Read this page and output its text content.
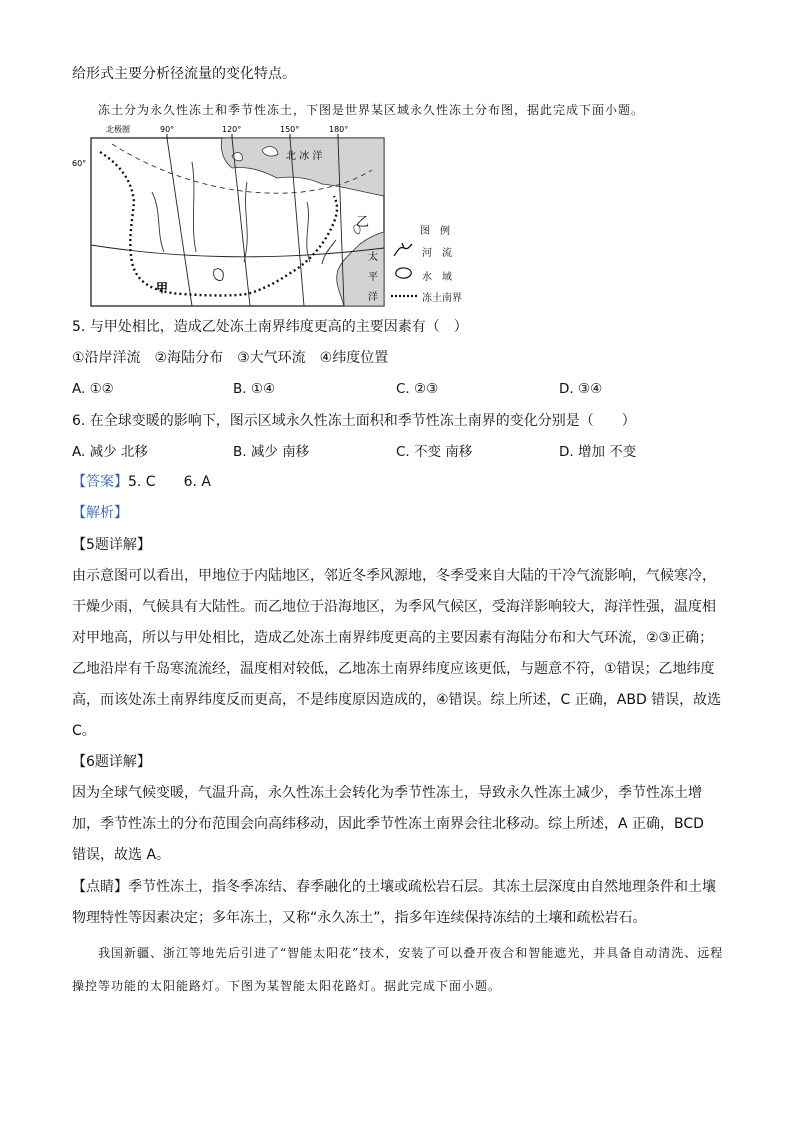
给形式主要分析径流量的变化特点。
冻土分为永久性冻土和季节性冻土，下图是世界某区域永久性冻土分布图，据此完成下面小题。
北极圈	90°	120°	150°	180°
60°
北 冰 洋
太
平
洋
甲
乙
图　例
河　流
水　域
冻土南界
5. 与甲处相比，造成乙处冻土南界纬度更高的主要因素有（　）
①沿岸洋流　②海陆分布　③大气环流　④纬度位置
A. ①②	B. ①④	C. ②③	D. ③④
6. 在全球变暖的影响下，图示区域永久性冻土面积和季节性冻土南界的变化分别是（　　）
A. 减少 北移	B. 减少 南移	C. 不变 南移	D. 增加 不变
【答案】5. C　　6. A
【解析】
【5题详解】
由示意图可以看出，甲地位于内陆地区，邻近冬季风源地，冬季受来自大陆的干冷气流影响，气候寒冷，干燥少雨，气候具有大陆性。而乙地位于沿海地区，为季风气候区，受海洋影响较大，海洋性强，温度相对甲地高，所以与甲处相比，造成乙处冻土南界纬度更高的主要因素有海陆分布和大气环流，②③正确；乙地沿岸有千岛寒流流经，温度相对较低，乙地冻土南界纬度应该更低，与题意不符，①错误；乙地纬度高，而该处冻土南界纬度反而更高，不是纬度原因造成的，④错误。综上所述，C 正确，ABD 错误，故选C。
【6题详解】
因为全球气候变暖，气温升高，永久性冻土会转化为季节性冻土，导致永久性冻土减少，季节性冻土增加，季节性冻土的分布范围会向高纬移动，因此季节性冻土南界会往北移动。综上所述，A 正确，BCD 错误，故选 A。
【点睛】季节性冻土，指冬季冻结、春季融化的土壤或疏松岩石层。其冻土层深度由自然地理条件和土壤物理特性等因素决定；多年冻土，又称“永久冻土”，指多年连续保持冻结的土壤和疏松岩石。
我国新疆、浙江等地先后引进了“智能太阳花”技术，安装了可以叠开夜合和智能遮光，并具备自动清洗、远程操控等功能的太阳能路灯。下图为某智能太阳花路灯。据此完成下面小题。
